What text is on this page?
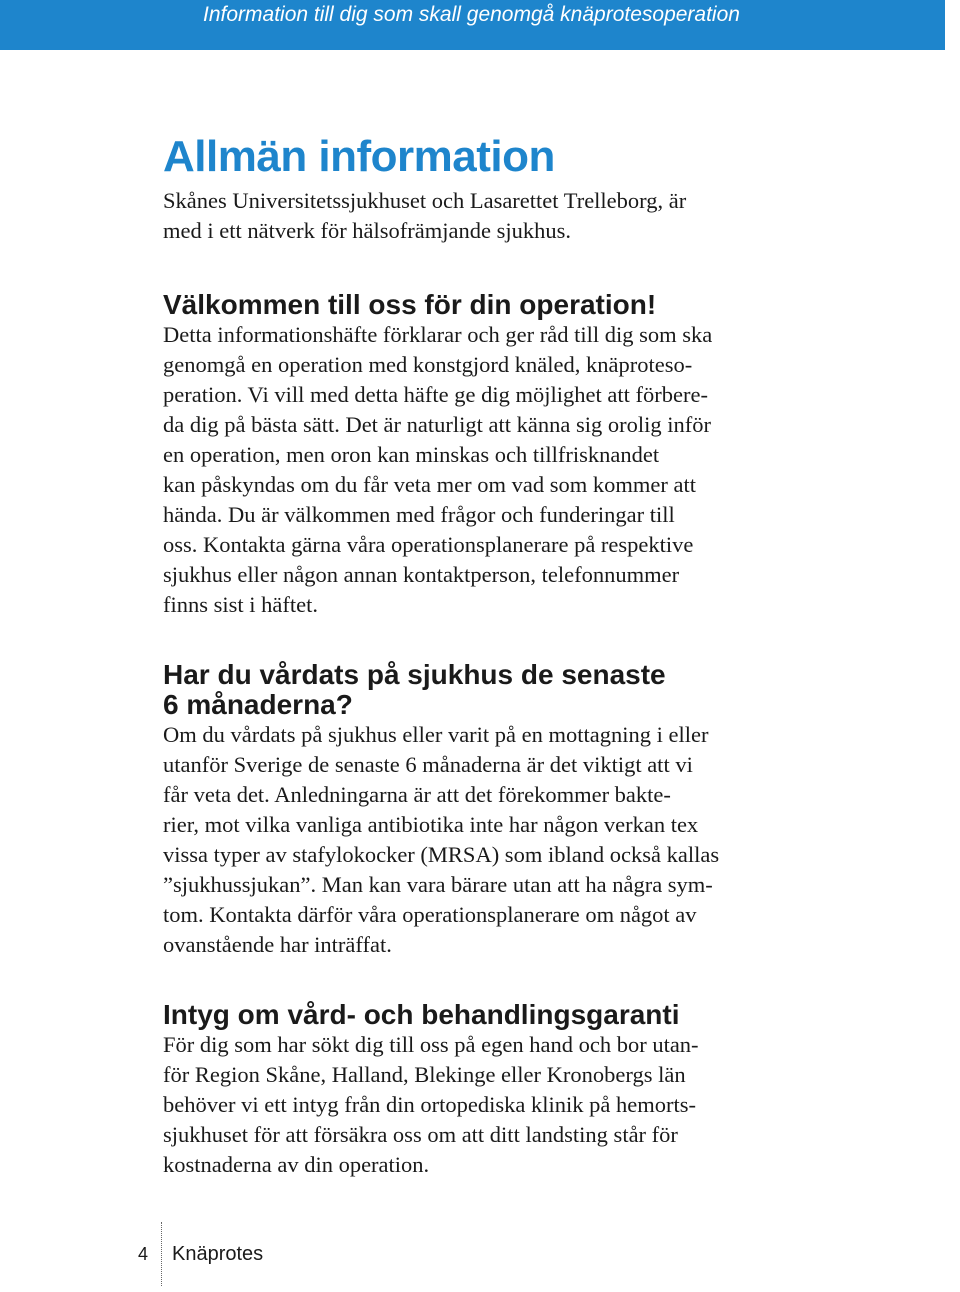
Information till dig som skall genomgå knäprotesoperation
Allmän information

Skånes Universitetssjukhuset och Lasarettet Trelleborg, är
med i ett nätverk för hälsofrämjande sjukhus.

Välkommen till oss för din operation!

Detta informationshäfte förklarar och ger råd till dig som ska
genomgå en operation med konstgjord knäled, knäproteso-
peration. Vi vill med detta häfte ge dig möjlighet att förbere-
da dig på bästa sätt. Det är naturligt att känna sig orolig inför
en operation, men oron kan minskas och tillfrisknandet
kan påskyndas om du får veta mer om vad som kommer att
hända. Du är välkommen med frågor och funderingar till
oss. Kontakta gärna våra operationsplanerare på respektive
sjukhus eller någon annan kontaktperson, telefonnummer
finns sist i häftet.

Har du vårdats på sjukhus de senaste
6 månaderna?

Om du vårdats på sjukhus eller varit på en mottagning i eller
utanför Sverige de senaste 6 månaderna är det viktigt att vi
får veta det. Anledningarna är att det förekommer bakte-
rier, mot vilka vanliga antibiotika inte har någon verkan tex
vissa typer av stafylokocker (MRSA) som ibland också kallas
”sjukhussjukan”. Man kan vara bärare utan att ha några sym-
tom. Kontakta därför våra operationsplanerare om något av
ovanstående har inträffat.

Intyg om vård- och behandlingsgaranti

För dig som har sökt dig till oss på egen hand och bor utan-
för Region Skåne, Halland, Blekinge eller Kronobergs län
behöver vi ett intyg från din ortopediska klinik på hemorts-
sjukhuset för att försäkra oss om att ditt landsting står för
kostnaderna av din operation.

4 Knäprotes
